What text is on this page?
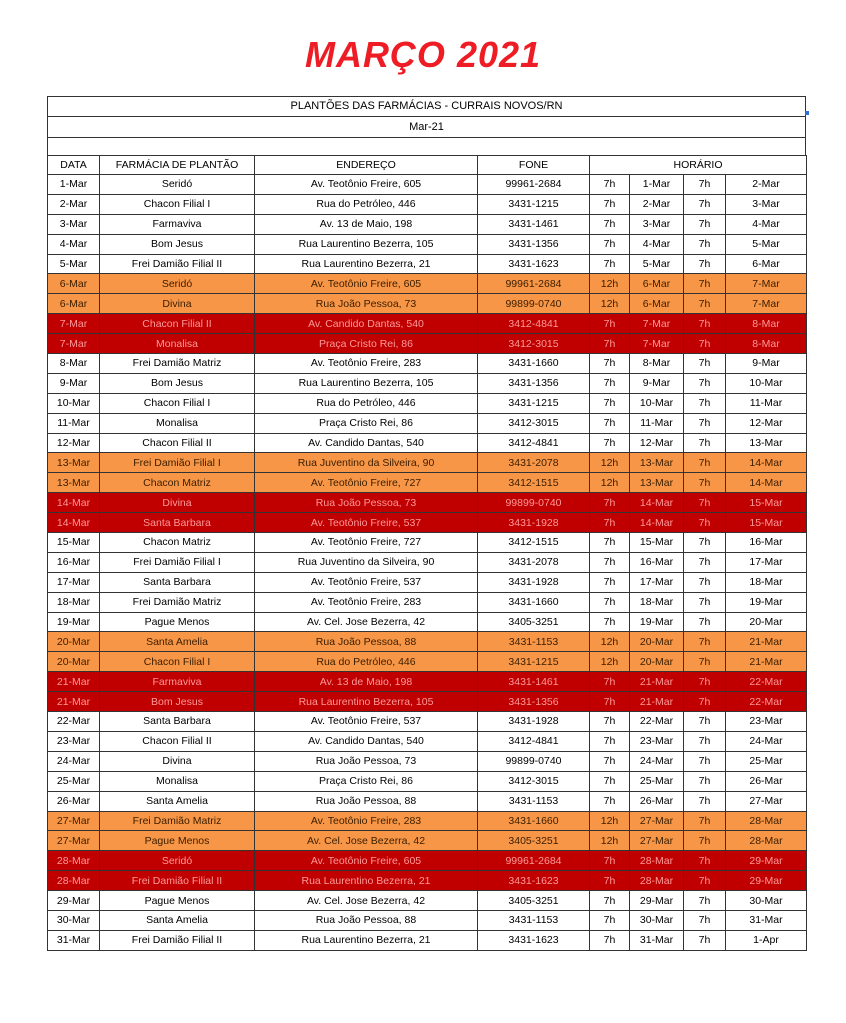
MARÇO 2021
PLANTÕES DAS FARMÁCIAS - CURRAIS NOVOS/RN
Mar-21
DATA	FARMÁCIA DE PLANTÃO	ENDEREÇO	FONE	HORÁRIO			
1-Mar	Seridó	Av. Teotônio Freire, 605	99961-2684	7h	1-Mar	7h	2-Mar
2-Mar	Chacon Filial I	Rua do Petróleo, 446	3431-1215	7h	2-Mar	7h	3-Mar
3-Mar	Farmaviva	Av. 13 de Maio, 198	3431-1461	7h	3-Mar	7h	4-Mar
4-Mar	Bom Jesus	Rua Laurentino Bezerra, 105	3431-1356	7h	4-Mar	7h	5-Mar
5-Mar	Frei Damião Filial II	Rua Laurentino Bezerra, 21	3431-1623	7h	5-Mar	7h	6-Mar
6-Mar	Seridó	Av. Teotônio Freire, 605	99961-2684	12h	6-Mar	7h	7-Mar
6-Mar	Divina	Rua João Pessoa, 73	99899-0740	12h	6-Mar	7h	7-Mar
7-Mar	Chacon Filial II	Av. Candido Dantas, 540	3412-4841	7h	7-Mar	7h	8-Mar
7-Mar	Monalisa	Praça Cristo Rei, 86	3412-3015	7h	7-Mar	7h	8-Mar
8-Mar	Frei Damião Matriz	Av. Teotônio Freire, 283	3431-1660	7h	8-Mar	7h	9-Mar
9-Mar	Bom Jesus	Rua Laurentino Bezerra, 105	3431-1356	7h	9-Mar	7h	10-Mar
10-Mar	Chacon Filial I	Rua do Petróleo, 446	3431-1215	7h	10-Mar	7h	11-Mar
11-Mar	Monalisa	Praça Cristo Rei, 86	3412-3015	7h	11-Mar	7h	12-Mar
12-Mar	Chacon Filial II	Av. Candido Dantas, 540	3412-4841	7h	12-Mar	7h	13-Mar
13-Mar	Frei Damião Filial I	Rua Juventino da Silveira, 90	3431-2078	12h	13-Mar	7h	14-Mar
13-Mar	Chacon Matriz	Av. Teotônio Freire, 727	3412-1515	12h	13-Mar	7h	14-Mar
14-Mar	Divina	Rua João Pessoa, 73	99899-0740	7h	14-Mar	7h	15-Mar
14-Mar	Santa Barbara	Av. Teotônio Freire, 537	3431-1928	7h	14-Mar	7h	15-Mar
15-Mar	Chacon Matriz	Av. Teotônio Freire, 727	3412-1515	7h	15-Mar	7h	16-Mar
16-Mar	Frei Damião Filial I	Rua Juventino da Silveira, 90	3431-2078	7h	16-Mar	7h	17-Mar
17-Mar	Santa Barbara	Av. Teotônio Freire, 537	3431-1928	7h	17-Mar	7h	18-Mar
18-Mar	Frei Damião Matriz	Av. Teotônio Freire, 283	3431-1660	7h	18-Mar	7h	19-Mar
19-Mar	Pague Menos	Av. Cel. Jose Bezerra, 42	3405-3251	7h	19-Mar	7h	20-Mar
20-Mar	Santa Amelia	Rua João Pessoa, 88	3431-1153	12h	20-Mar	7h	21-Mar
20-Mar	Chacon Filial I	Rua do Petróleo, 446	3431-1215	12h	20-Mar	7h	21-Mar
21-Mar	Farmaviva	Av. 13 de Maio, 198	3431-1461	7h	21-Mar	7h	22-Mar
21-Mar	Bom Jesus	Rua Laurentino Bezerra, 105	3431-1356	7h	21-Mar	7h	22-Mar
22-Mar	Santa Barbara	Av. Teotônio Freire, 537	3431-1928	7h	22-Mar	7h	23-Mar
23-Mar	Chacon Filial II	Av. Candido Dantas, 540	3412-4841	7h	23-Mar	7h	24-Mar
24-Mar	Divina	Rua João Pessoa, 73	99899-0740	7h	24-Mar	7h	25-Mar
25-Mar	Monalisa	Praça Cristo Rei, 86	3412-3015	7h	25-Mar	7h	26-Mar
26-Mar	Santa Amelia	Rua João Pessoa, 88	3431-1153	7h	26-Mar	7h	27-Mar
27-Mar	Frei Damião Matriz	Av. Teotônio Freire, 283	3431-1660	12h	27-Mar	7h	28-Mar
27-Mar	Pague Menos	Av. Cel. Jose Bezerra, 42	3405-3251	12h	27-Mar	7h	28-Mar
28-Mar	Seridó	Av. Teotônio Freire, 605	99961-2684	7h	28-Mar	7h	29-Mar
28-Mar	Frei Damião Filial II	Rua Laurentino Bezerra, 21	3431-1623	7h	28-Mar	7h	29-Mar
29-Mar	Pague Menos	Av. Cel. Jose Bezerra, 42	3405-3251	7h	29-Mar	7h	30-Mar
30-Mar	Santa Amelia	Rua João Pessoa, 88	3431-1153	7h	30-Mar	7h	31-Mar
31-Mar	Frei Damião Filial II	Rua Laurentino Bezerra, 21	3431-1623	7h	31-Mar	7h	1-Apr
